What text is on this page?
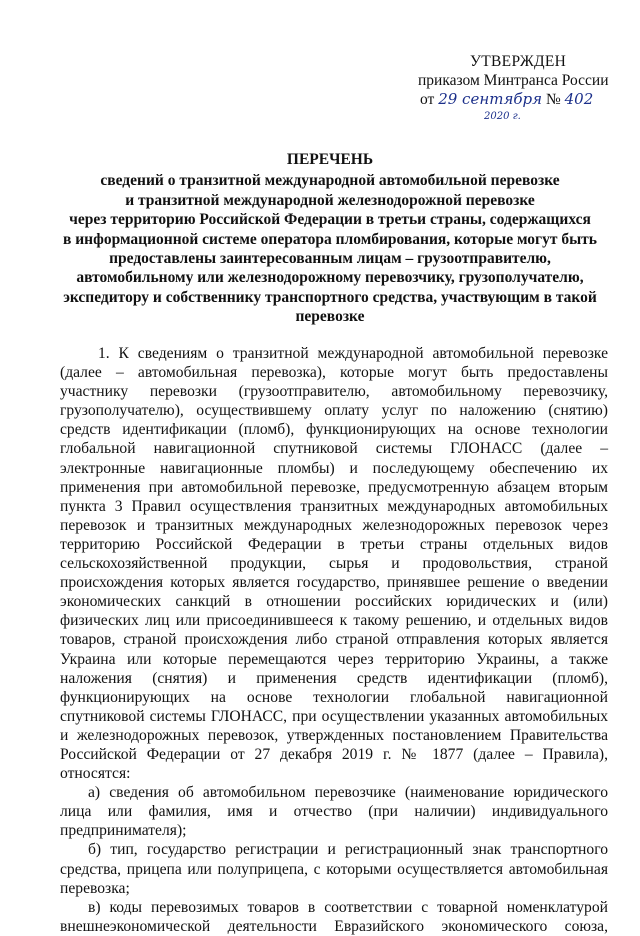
УТВЕРЖДЕН
приказом Минтранса России
от 29 сентября № 402
2020 г.
ПЕРЕЧЕНЬ
сведений о транзитной международной автомобильной перевозке
и транзитной международной железнодорожной перевозке
через территорию Российской Федерации в третьи страны, содержащихся
в информационной системе оператора пломбирования, которые могут быть
предоставлены заинтересованным лицам – грузоотправителю,
автомобильному или железнодорожному перевозчику, грузополучателю,
экспедитору и собственнику транспортного средства, участвующим в такой
перевозке

1. К сведениям о транзитной международной автомобильной перевозке (далее – автомобильная перевозка), которые могут быть предоставлены участнику перевозки (грузоотправителю, автомобильному перевозчику, грузополучателю), осуществившему оплату услуг по наложению (снятию) средств идентификации (пломб), функционирующих на основе технологии глобальной навигационной спутниковой системы ГЛОНАСС (далее – электронные навигационные пломбы) и последующему обеспечению их применения при автомобильной перевозке, предусмотренную абзацем вторым пункта 3 Правил осуществления транзитных международных автомобильных перевозок и транзитных международных железнодорожных перевозок через территорию Российской Федерации в третьи страны отдельных видов сельскохозяйственной продукции, сырья и продовольствия, страной происхождения которых является государство, принявшее решение о введении экономических санкций в отношении российских юридических и (или) физических лиц или присоединившееся к такому решению, и отдельных видов товаров, страной происхождения либо страной отправления которых является Украина или которые перемещаются через территорию Украины, а также наложения (снятия) и применения средств идентификации (пломб), функционирующих на основе технологии глобальной навигационной спутниковой системы ГЛОНАСС, при осуществлении указанных автомобильных и железнодорожных перевозок, утвержденных постановлением Правительства Российской Федерации от 27 декабря 2019 г. № 1877 (далее – Правила), относятся:

а) сведения об автомобильном перевозчике (наименование юридического лица или фамилия, имя и отчество (при наличии) индивидуального предпринимателя);

б) тип, государство регистрации и регистрационный знак транспортного средства, прицепа или полуприцепа, с которыми осуществляется автомобильная перевозка;

в) коды перевозимых товаров в соответствии с товарной номенклатурой внешнеэкономической деятельности Евразийского экономического союза,
